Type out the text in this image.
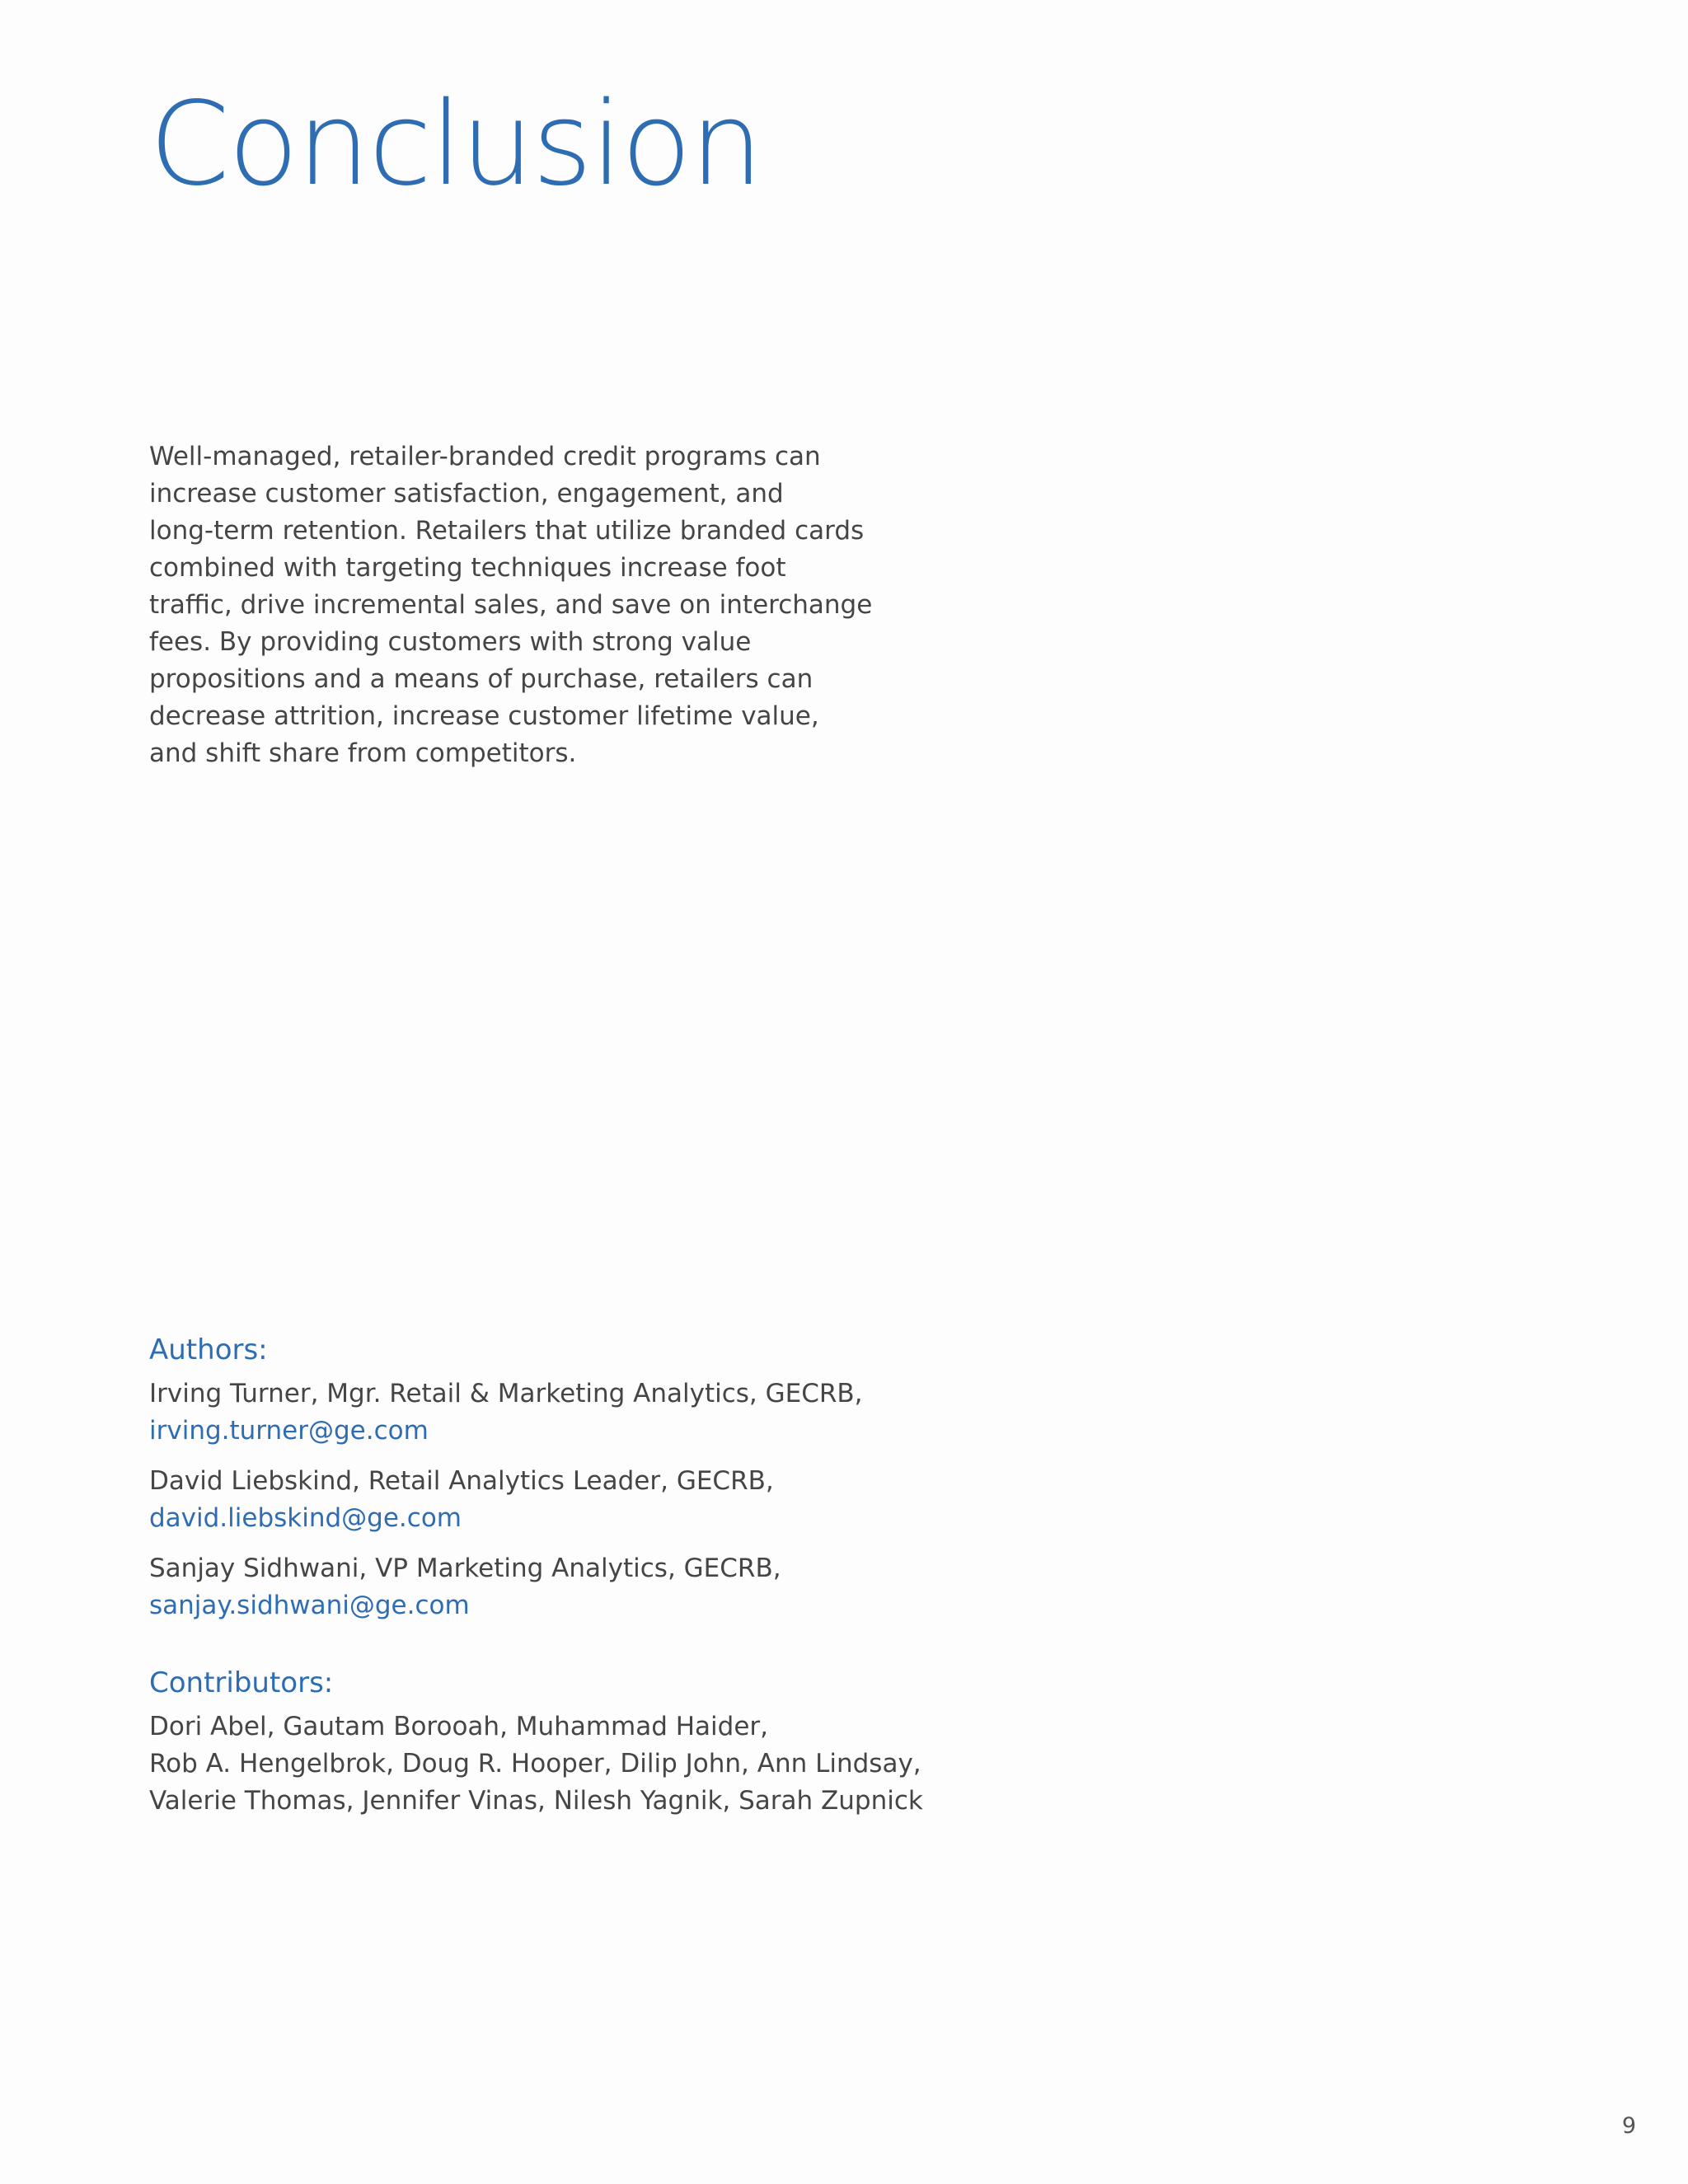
Conclusion

Well-managed, retailer-branded credit programs can
increase customer satisfaction, engagement, and
long-term retention. Retailers that utilize branded cards
combined with targeting techniques increase foot
traffic, drive incremental sales, and save on interchange
fees. By providing customers with strong value
propositions and a means of purchase, retailers can
decrease attrition, increase customer lifetime value,
and shift share from competitors.

Authors:
Irving Turner, Mgr. Retail & Marketing Analytics, GECRB,
irving.turner@ge.com
David Liebskind, Retail Analytics Leader, GECRB,
david.liebskind@ge.com
Sanjay Sidhwani, VP Marketing Analytics, GECRB,
sanjay.sidhwani@ge.com
Contributors:
Dori Abel, Gautam Borooah, Muhammad Haider,
Rob A. Hengelbrok, Doug R. Hooper, Dilip John, Ann Lindsay,
Valerie Thomas, Jennifer Vinas, Nilesh Yagnik, Sarah Zupnick
9
